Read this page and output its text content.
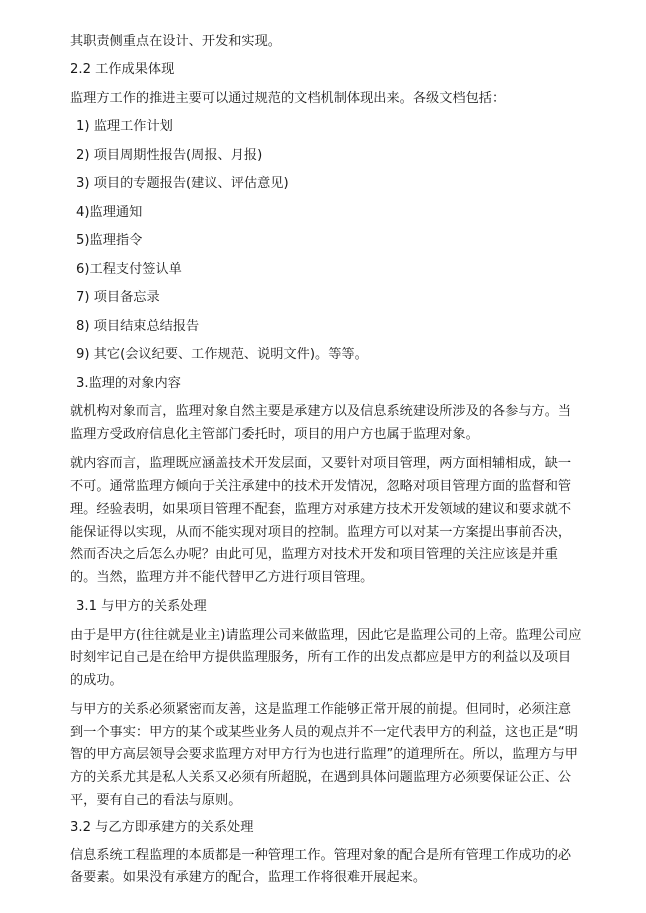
其职责侧重点在设计、开发和实现。
2.2 工作成果体现
监理方工作的推进主要可以通过规范的文档机制体现出来。各级文档包括：
1) 监理工作计划
2) 项目周期性报告(周报、月报)
3) 项目的专题报告(建议、评估意见)
4)监理通知
5)监理指令
6)工程支付签认单
7) 项目备忘录
8) 项目结束总结报告
9) 其它(会议纪要、工作规范、说明文件)。等等。
3.监理的对象内容
就机构对象而言，监理对象自然主要是承建方以及信息系统建设所涉及的各参与方。当
监理方受政府信息化主管部门委托时，项目的用户方也属于监理对象。
就内容而言，监理既应涵盖技术开发层面，又要针对项目管理，两方面相辅相成，缺一
不可。通常监理方倾向于关注承建中的技术开发情况，忽略对项目管理方面的监督和管
理。经验表明，如果项目管理不配套，监理方对承建方技术开发领域的建议和要求就不
能保证得以实现，从而不能实现对项目的控制。监理方可以对某一方案提出事前否决，
然而否决之后怎么办呢？由此可见，监理方对技术开发和项目管理的关注应该是并重
的。当然，监理方并不能代替甲乙方进行项目管理。
3.1 与甲方的关系处理
由于是甲方(往往就是业主)请监理公司来做监理，因此它是监理公司的上帝。监理公司应
时刻牢记自己是在给甲方提供监理服务，所有工作的出发点都应是甲方的利益以及项目
的成功。
与甲方的关系必须紧密而友善，这是监理工作能够正常开展的前提。但同时，必须注意
到一个事实：甲方的某个或某些业务人员的观点并不一定代表甲方的利益，这也正是“明
智的甲方高层领导会要求监理方对甲方行为也进行监理”的道理所在。所以，监理方与甲
方的关系尤其是私人关系又必须有所超脱，在遇到具体问题监理方必须要保证公正、公
平，要有自己的看法与原则。
3.2 与乙方即承建方的关系处理
信息系统工程监理的本质都是一种管理工作。管理对象的配合是所有管理工作成功的必
备要素。如果没有承建方的配合，监理工作将很难开展起来。
